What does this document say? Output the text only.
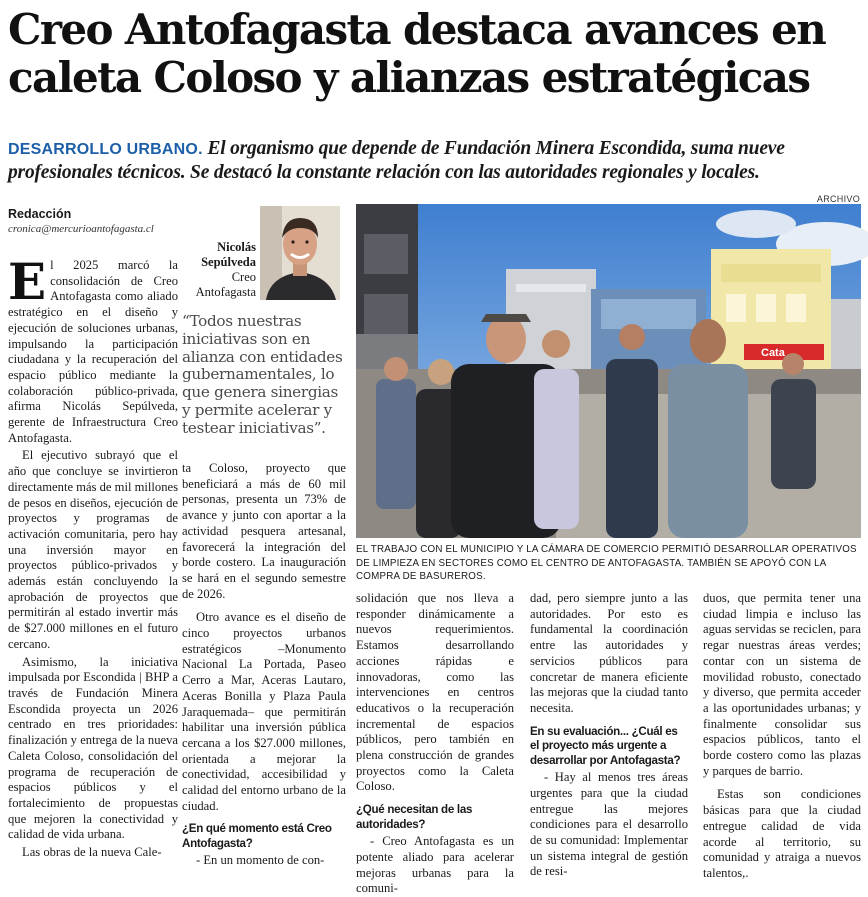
Creo Antofagasta destaca avances en
caleta Coloso y alianzas estratégicas
DESARROLLO URBANO. El organismo que depende de Fundación Minera Escondida, suma nueve profesionales técnicos. Se destacó la constante relación con las autoridades regionales y locales.
Redacción
cronica@mercurioantofagasta.cl

El 2025 marcó la consolidación de Creo Antofagasta como aliado estratégico en el diseño y ejecución de soluciones urbanas, impulsando la participación ciudadana y la recuperación del espacio público mediante la colaboración público-privada, afirma Nicolás Sepúlveda, gerente de Infraestructura Creo Antofagasta.

El ejecutivo subrayó que el año que concluye se invirtieron directamente más de mil millones de pesos en diseños, ejecución de proyectos y programas de activación comunitaria, pero hay una inversión mayor en proyectos público-privados y además están concluyendo la aprobación de proyectos que permitirán al estado invertir más de $27.000 millones en el futuro cercano.

Asimismo, la iniciativa impulsada por Escondida | BHP a través de Fundación Minera Escondida proyecta un 2026 centrado en tres prioridades: finalización y entrega de la nueva Caleta Coloso, consolidación del programa de recuperación de espacios públicos y el fortalecimiento de propuestas que mejoren la conectividad y calidad de vida urbana.

Las obras de la nueva Cale-

Nicolás Sepúlveda
Creo Antofagasta
“Todos nuestras iniciativas son en alianza con entidades gubernamentales, lo que genera sinergias y permite acelerar y testear iniciativas”.

ta Coloso, proyecto que beneficiará a más de 60 mil personas, presenta un 73% de avance y junto con aportar a la actividad pesquera artesanal, favorecerá la integración del borde costero. La inauguración se hará en el segundo semestre de 2026.

Otro avance es el diseño de cinco proyectos urbanos estratégicos –Monumento Nacional La Portada, Paseo Cerro a Mar, Aceras Lautaro, Aceras Bonilla y Plaza Paula Jaraquemada– que permitirán habilitar una inversión pública cercana a los $27.000 millones, orientada a mejorar la conectividad, accesibilidad y calidad del entorno urbano de la ciudad.

¿En qué momento está Creo Antofagasta?

- En un momento de con-

ARCHIVO
Cata
EL TRABAJO CON EL MUNICIPIO Y LA CÁMARA DE COMERCIO PERMITIÓ DESARROLLAR OPERATIVOS DE LIMPIEZA EN SECTORES COMO EL CENTRO DE ANTOFAGASTA. TAMBIÉN SE APOYÓ CON LA COMPRA DE BASUREROS.

solidación que nos lleva a responder dinámicamente a nuevos requerimientos. Estamos desarrollando acciones rápidas e innovadoras, como las intervenciones en centros educativos o la recuperación incremental de espacios públicos, pero también en plena construcción de grandes proyectos como la Caleta Coloso.

¿Qué necesitan de las autoridades?

- Creo Antofagasta es un potente aliado para acelerar mejoras urbanas para la comuni-

dad, pero siempre junto a las autoridades. Por esto es fundamental la coordinación entre las autoridades y servicios públicos para concretar de manera eficiente las mejoras que la ciudad tanto necesita.

En su evaluación... ¿Cuál es el proyecto más urgente a desarrollar por Antofagasta?

- Hay al menos tres áreas urgentes para que la ciudad entregue las mejores condiciones para el desarrollo de su comunidad: Implementar un sistema integral de gestión de resi-

duos, que permita tener una ciudad limpia e incluso las aguas servidas se reciclen, para regar nuestras áreas verdes; contar con un sistema de movilidad robusto, conectado y diverso, que permita acceder a las oportunidades urbanas; y finalmente consolidar sus espacios públicos, tanto el borde costero como las plazas y parques de barrio.

Estas son condiciones básicas para que la ciudad entregue calidad de vida acorde al territorio, su comunidad y atraiga a nuevos talentos,.
